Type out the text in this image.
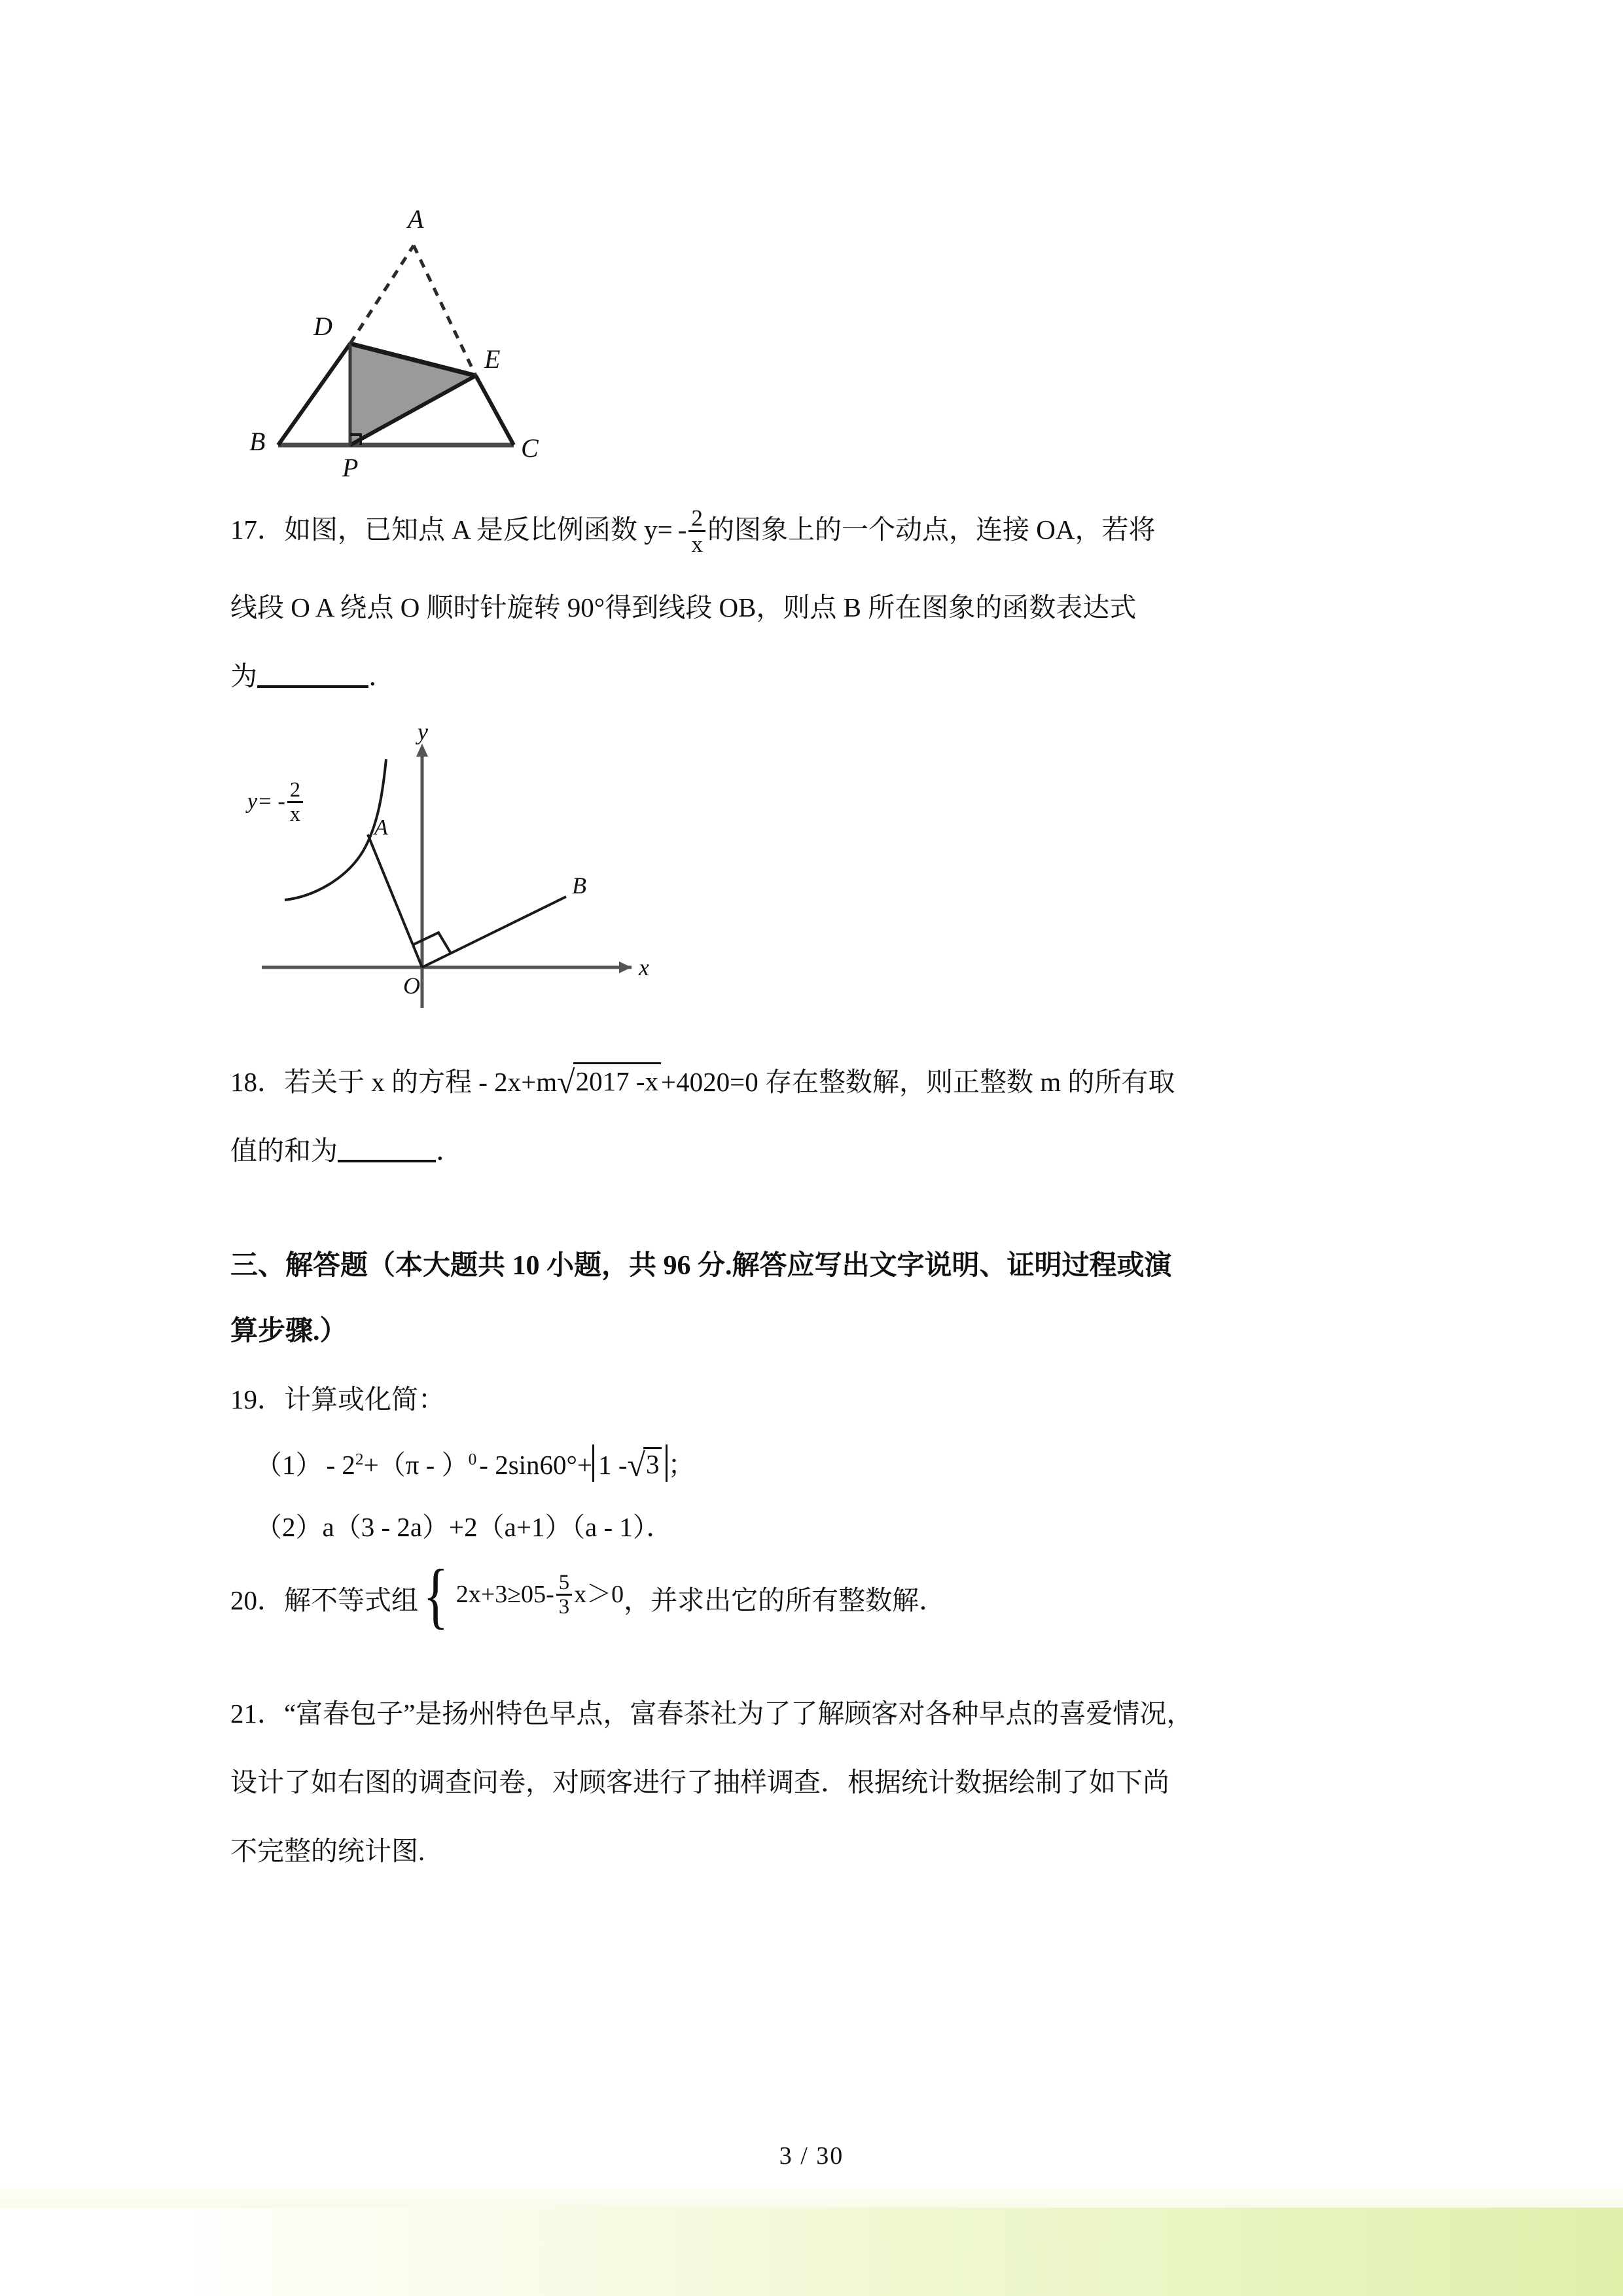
A
D
E
B	C
P
17．如图，已知点 A 是反比例函数 $y= - \frac{2}{x}$ 的图象上的一个动点，连接 OA，若将
线段 O A 绕点 O 顺时针旋转 90°得到线段 OB，则点 B 所在图象的函数表达式
为	．
A
B
O
x
y
$y= - \frac{2}{x}$
18．若关于 x 的方程 - 2x+m√2017 -x+4020=0 存在整数解，则正整数 m 的所有取
值的和为	．
三、解答题（本大题共 10 小题，共 96 分.解答应写出文字说明、证明过程或演
算步骤.）
19．计算或化简：
$(1) - 2^2+(\pi - )^0-$ 2sin60°+ 1 -√3 ；
（2）a（3 - 2a）+2（a+1）（a - 1）．
20．解不等式组 { $2x+3\ge 05- \frac{5}{3} x>0$ ，并求出它的所有整数解．
21．“富春包子”是扬州特色早点，富春茶社为了了解顾客对各种早点的喜爱情况，
设计了如右图的调查问卷，对顾客进行了抽样调查．根据统计数据绘制了如下尚
不完整的统计图.
3 / 30
